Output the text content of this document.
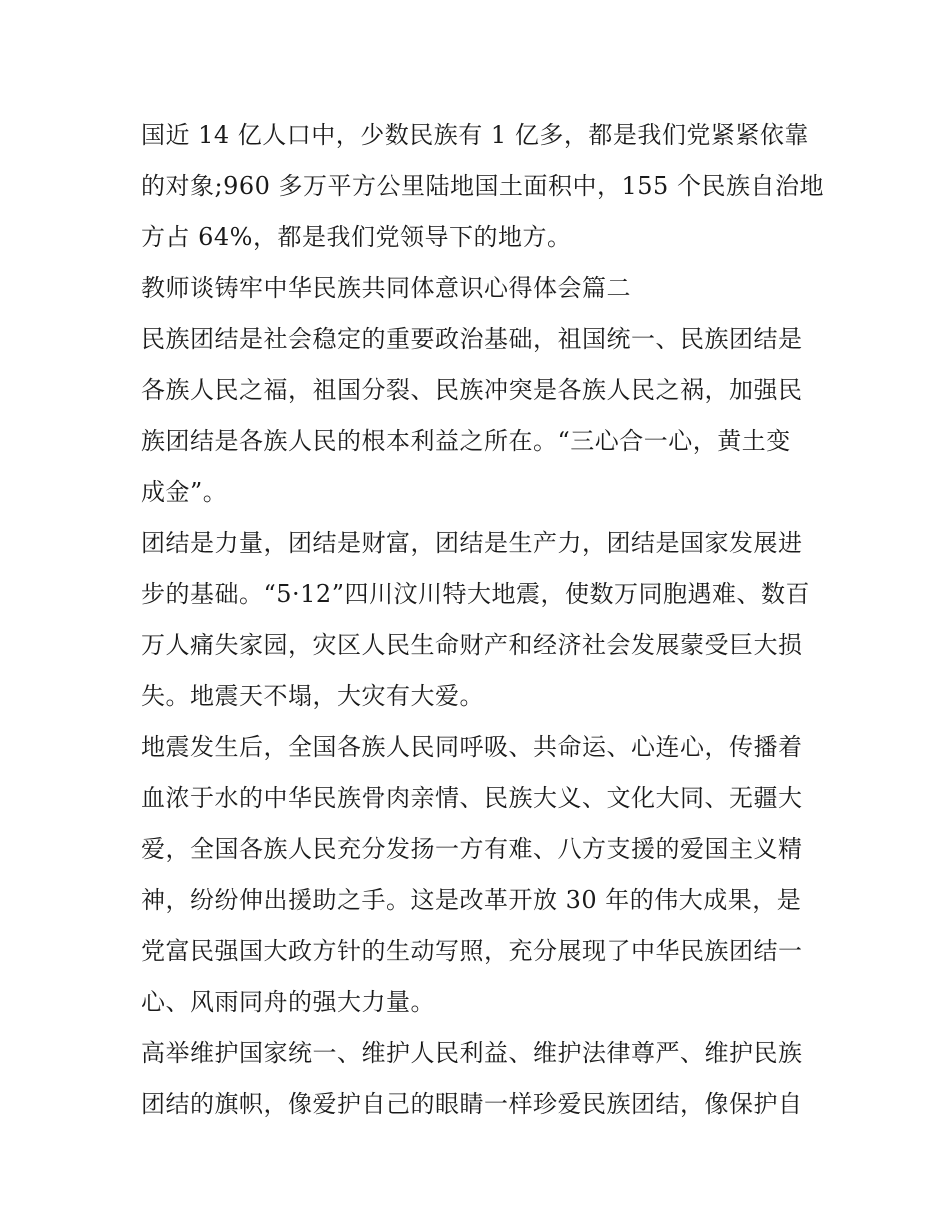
国近 14 亿人口中，少数民族有 1 亿多，都是我们党紧紧依靠
的对象;960 多万平方公里陆地国土面积中，155 个民族自治地
方占 64%，都是我们党领导下的地方。
教师谈铸牢中华民族共同体意识心得体会篇二
民族团结是社会稳定的重要政治基础，祖国统一、民族团结是
各族人民之福，祖国分裂、民族冲突是各族人民之祸，加强民
族团结是各族人民的根本利益之所在。“三心合一心，黄土变
成金”。
团结是力量，团结是财富，团结是生产力，团结是国家发展进
步的基础。“5·12”四川汶川特大地震，使数万同胞遇难、数百
万人痛失家园，灾区人民生命财产和经济社会发展蒙受巨大损
失。地震天不塌，大灾有大爱。
地震发生后，全国各族人民同呼吸、共命运、心连心，传播着
血浓于水的中华民族骨肉亲情、民族大义、文化大同、无疆大
爱，全国各族人民充分发扬一方有难、八方支援的爱国主义精
神，纷纷伸出援助之手。这是改革开放 30 年的伟大成果，是
党富民强国大政方针的生动写照，充分展现了中华民族团结一
心、风雨同舟的强大力量。
高举维护国家统一、维护人民利益、维护法律尊严、维护民族
团结的旗帜，像爱护自己的眼睛一样珍爱民族团结，像保护自
